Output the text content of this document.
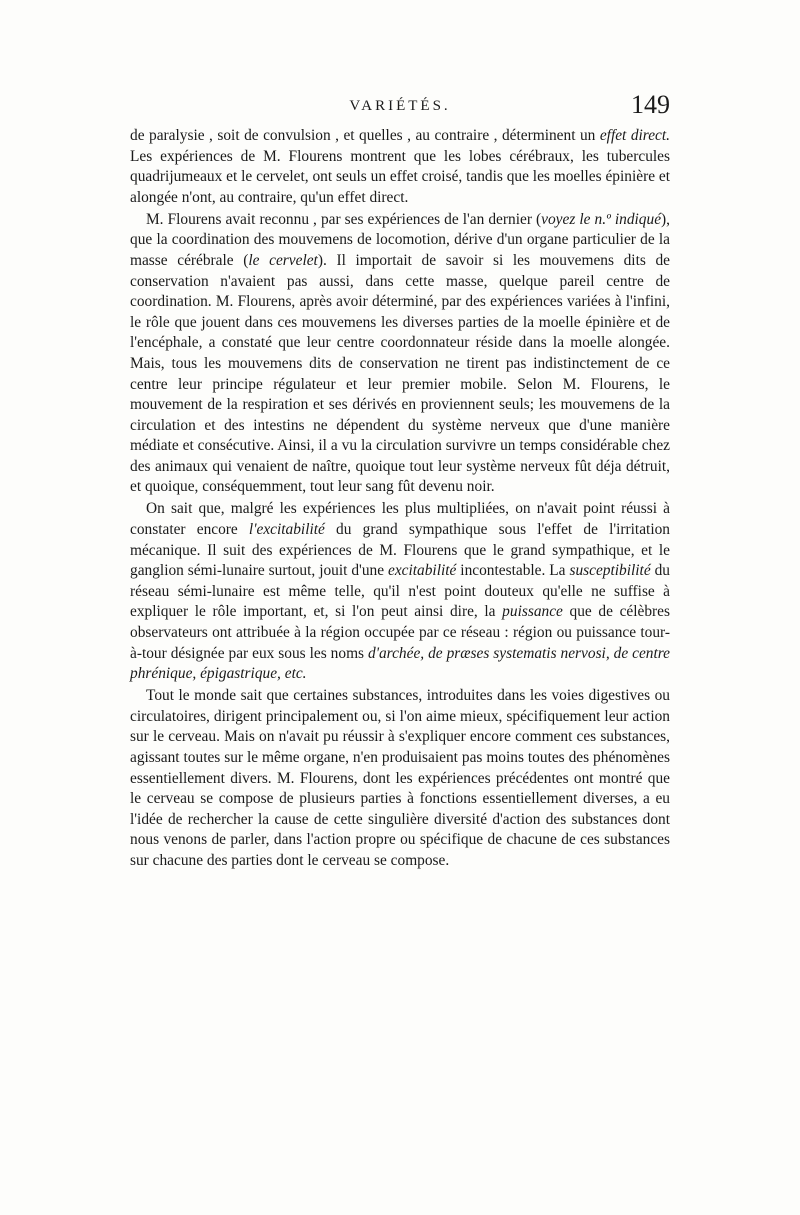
VARIÉTÉS.	149

de paralysie , soit de convulsion , et quelles , au contraire , déterminent un effet direct. Les expériences de M. Flourens montrent que les lobes cérébraux, les tubercules quadrijumeaux et le cervelet, ont seuls un effet croisé, tandis que les moelles épinière et alongée n'ont, au contraire, qu'un effet direct.

M. Flourens avait reconnu , par ses expériences de l'an dernier (voyez le n.º indiqué), que la coordination des mouvemens de locomotion, dérive d'un organe particulier de la masse cérébrale (le cervelet). Il importait de savoir si les mouvemens dits de conservation n'avaient pas aussi, dans cette masse, quelque pareil centre de coordination. M. Flourens, après avoir déterminé, par des expériences variées à l'infini, le rôle que jouent dans ces mouvemens les diverses parties de la moelle épinière et de l'encéphale, a constaté que leur centre coordonnateur réside dans la moelle alongée. Mais, tous les mouvemens dits de conservation ne tirent pas indistinctement de ce centre leur principe régulateur et leur premier mobile. Selon M. Flourens, le mouvement de la respiration et ses dérivés en proviennent seuls; les mouvemens de la circulation et des intestins ne dépendent du système nerveux que d'une manière médiate et consécutive. Ainsi, il a vu la circulation survivre un temps considérable chez des animaux qui venaient de naître, quoique tout leur système nerveux fût déja détruit, et quoique, conséquemment, tout leur sang fût devenu noir.

On sait que, malgré les expériences les plus multipliées, on n'avait point réussi à constater encore l'excitabilité du grand sympathique sous l'effet de l'irritation mécanique. Il suit des expériences de M. Flourens que le grand sympathique, et le ganglion sémi-lunaire surtout, jouit d'une excitabilité incontestable. La susceptibilité du réseau sémi-lunaire est même telle, qu'il n'est point douteux qu'elle ne suffise à expliquer le rôle important, et, si l'on peut ainsi dire, la puissance que de célèbres observateurs ont attribuée à la région occupée par ce réseau : région ou puissance tour-à-tour désignée par eux sous les noms d'archée, de præses systematis nervosi, de centre phrénique, épigastrique, etc.

Tout le monde sait que certaines substances, introduites dans les voies digestives ou circulatoires, dirigent principalement ou, si l'on aime mieux, spécifiquement leur action sur le cerveau. Mais on n'avait pu réussir à s'expliquer encore comment ces substances, agissant toutes sur le même organe, n'en produisaient pas moins toutes des phénomènes essentiellement divers. M. Flourens, dont les expériences précédentes ont montré que le cerveau se compose de plusieurs parties à fonctions essentiellement diverses, a eu l'idée de rechercher la cause de cette singulière diversité d'action des substances dont nous venons de parler, dans l'action propre ou spécifique de chacune de ces substances sur chacune des parties dont le cerveau se compose.
